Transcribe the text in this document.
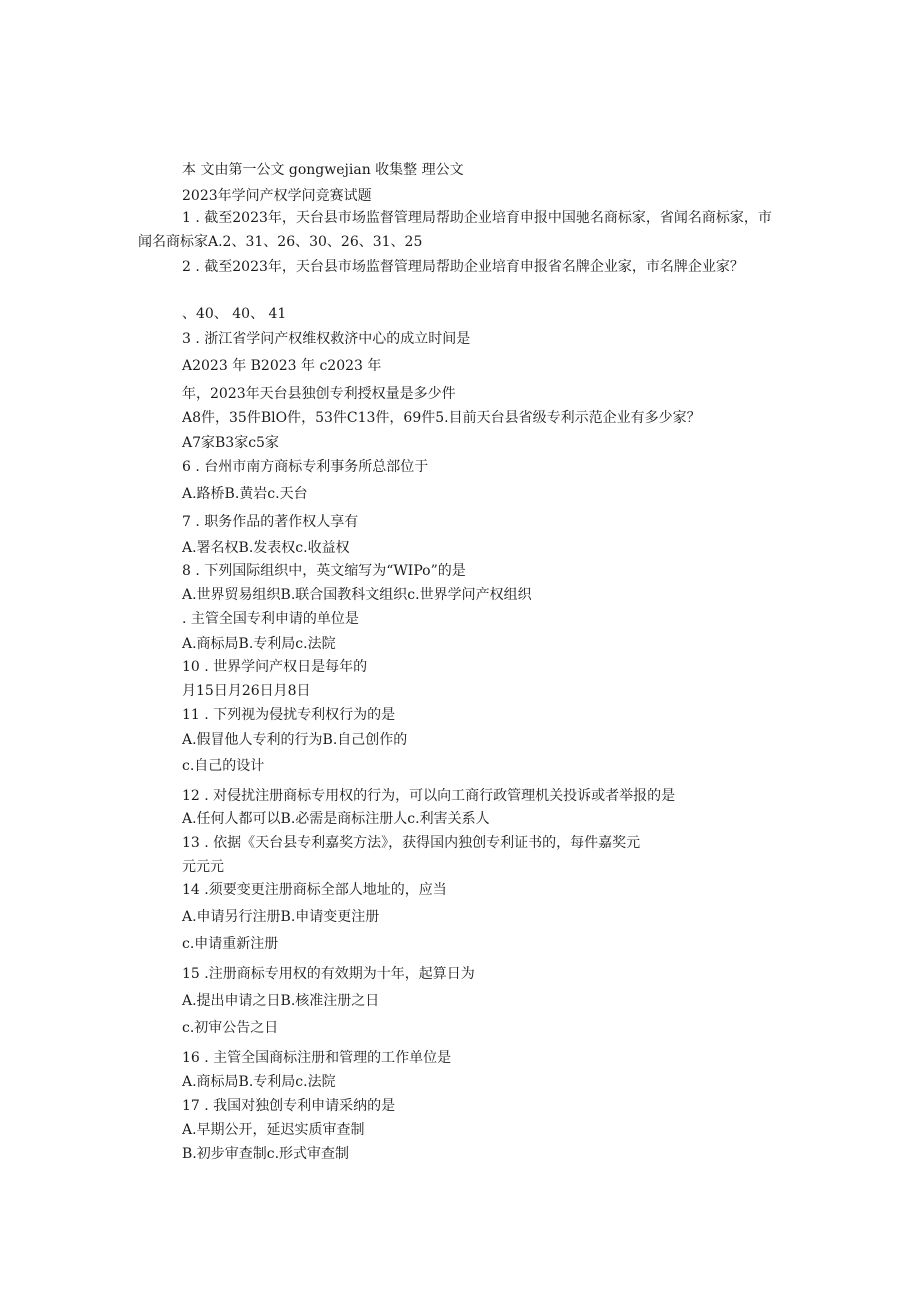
本 文由第一公文 gongwejian 收集整 理公文
2023年学问产权学问竞赛试题
1 . 截至2023年，天台县市场监督管理局帮助企业培育申报中国驰名商标家，省闻名商标家，市闻名商标家A.2、31、26、30、26、31、25
2 . 截至2023年，天台县市场监督管理局帮助企业培育申报省名牌企业家，市名牌企业家？
、40、 40、 41
3 . 浙江省学问产权维权救济中心的成立时间是
A2023 年 B2023 年 c2023 年
年，2023年天台县独创专利授权量是多少件
A8件，35件BlO件，53件C13件，69件5.目前天台县省级专利示范企业有多少家？
A7家B3家c5家
6 . 台州市南方商标专利事务所总部位于
A.路桥B.黄岩c.天台
7 . 职务作品的著作权人享有
A.署名权B.发表权c.收益权
8 . 下列国际组织中，英文缩写为“WIPo”的是
A.世界贸易组织B.联合国教科文组织c.世界学问产权组织
. 主管全国专利申请的单位是
A.商标局B.专利局c.法院
10 . 世界学问产权日是每年的
月15日月26日月8日
11 . 下列视为侵扰专利权行为的是
A.假冒他人专利的行为B.自己创作的
c.自己的设计
12 . 对侵扰注册商标专用权的行为，可以向工商行政管理机关投诉或者举报的是
A.任何人都可以B.必需是商标注册人c.利害关系人
13 . 依据《天台县专利嘉奖方法》，获得国内独创专利证书的，每件嘉奖元
元元元
14 .须要变更注册商标全部人地址的，应当
A.申请另行注册B.申请变更注册
c.申请重新注册
15 .注册商标专用权的有效期为十年，起算日为
A.提出申请之日B.核准注册之日
c.初审公告之日
16 . 主管全国商标注册和管理的工作单位是
A.商标局B.专利局c.法院
17 . 我国对独创专利申请采纳的是
A.早期公开，延迟实质审查制
B.初步审查制c.形式审查制
